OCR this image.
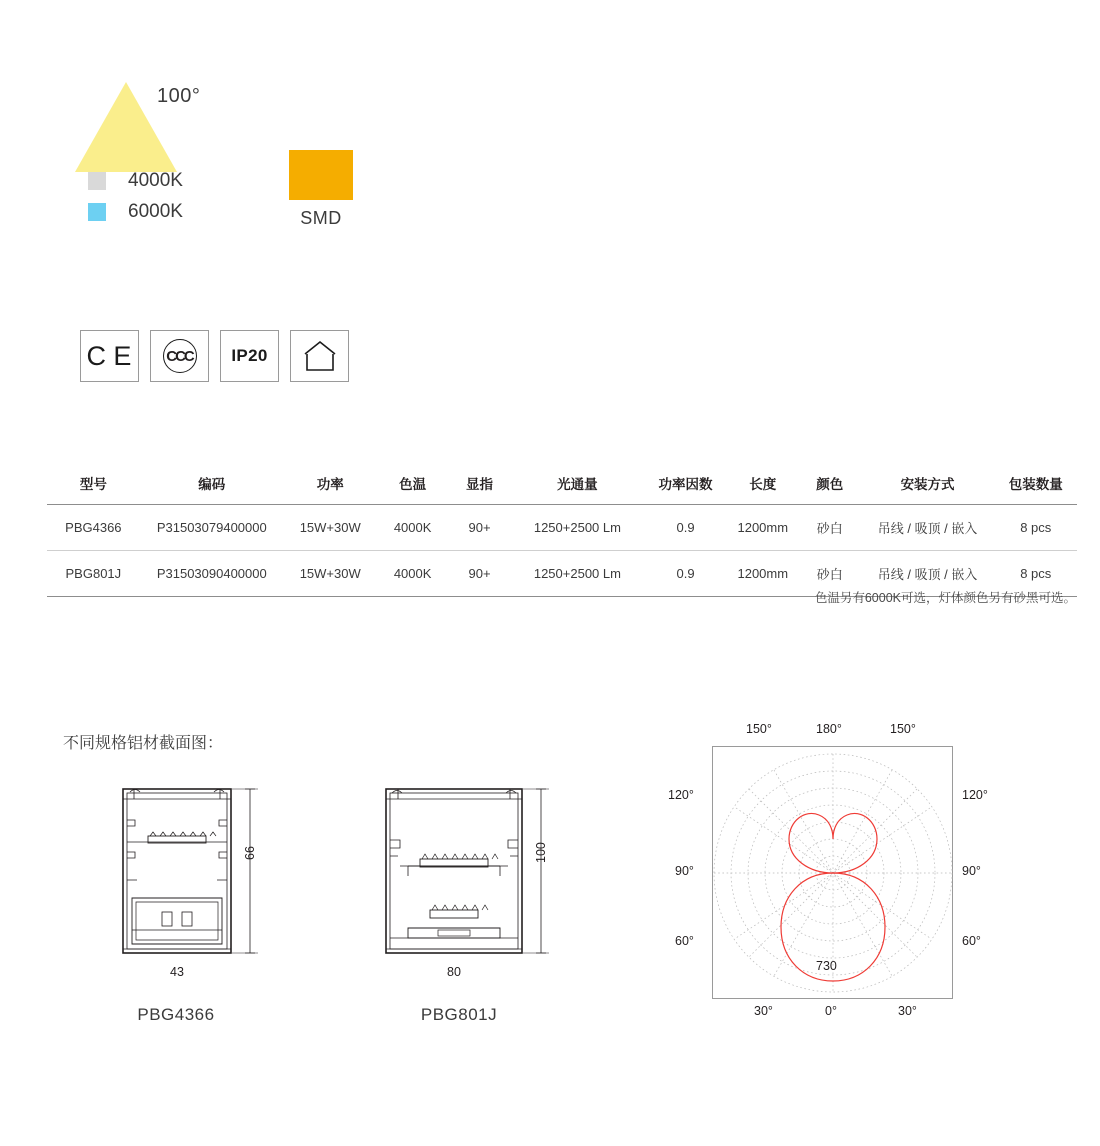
100°
4000K
6000K	SMD
C E CCC IP20
型号	编码	功率	色温	显指	光通量	功率因数	长度	颜色	安装方式	包装数量
PBG4366	P31503079400000	15W+30W	4000K	90+	1250+2500 Lm	0.9	1200mm	砂白	吊线 / 吸顶 / 嵌入	8 pcs
PBG801J	P31503090400000	15W+30W	4000K	90+	1250+2500 Lm	0.9	1200mm	砂白	吊线 / 吸顶 / 嵌入	8 pcs
色温另有6000K可选，灯体颜色另有砂黑可选。
不同规格铝材截面图：
66
43
PBG4366
100
80
PBG801J
730
150°	180°	150°
120°
90°
60°
120°
90°
60°
30°	0°	30°
